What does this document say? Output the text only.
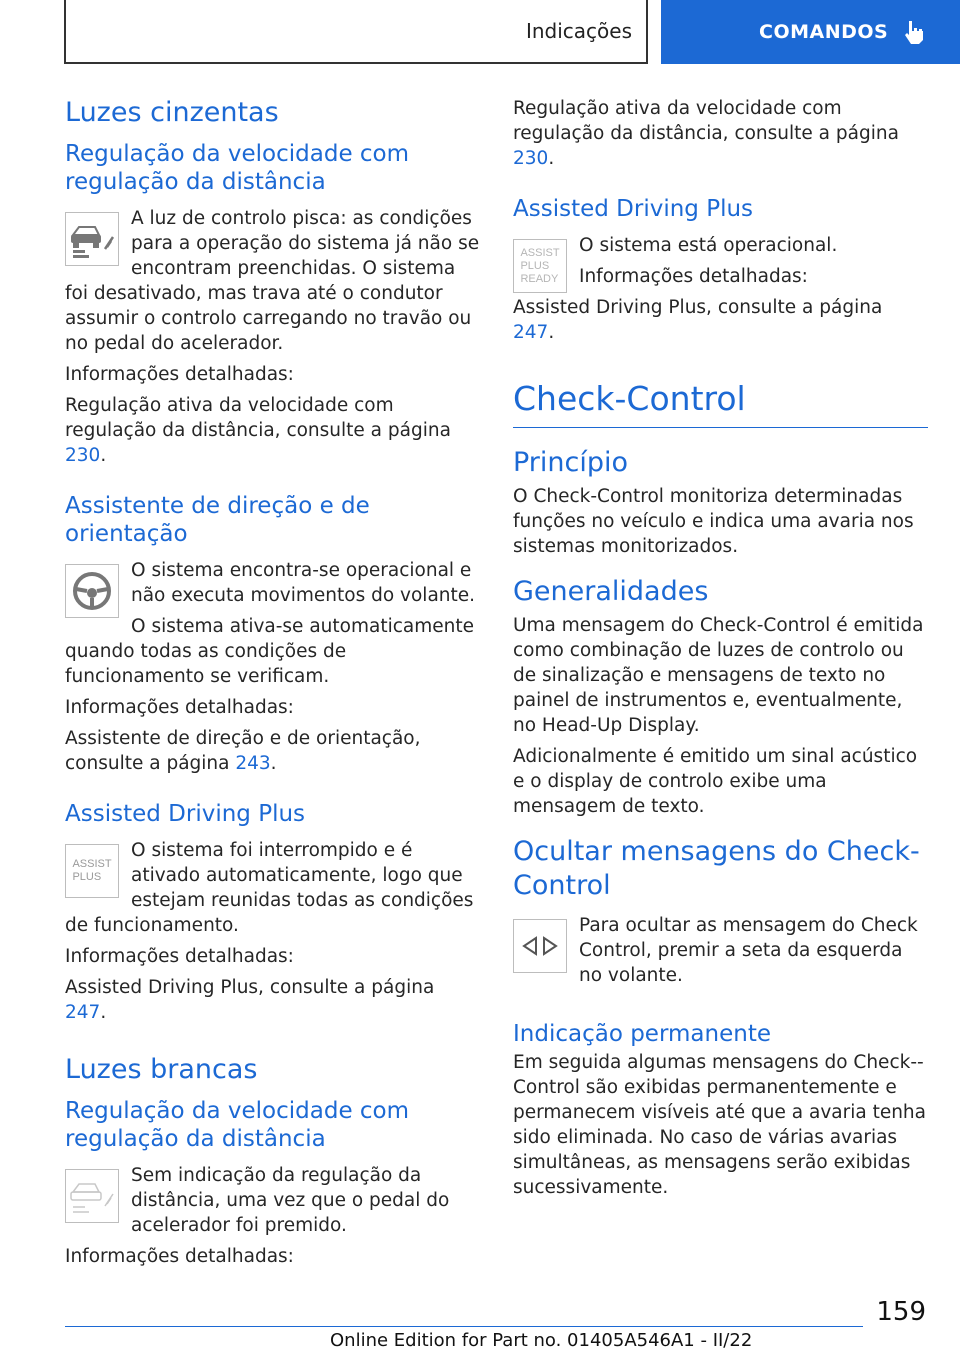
Indicações	COMANDOS
Luzes cinzentas
Regulação da velocidade com regulação da distância

A luz de controlo pisca: as condições para a operação do sistema já não se encontram preenchidas. O sistema foi desativado, mas trava até o condutor assumir o controlo carregando no travão ou no pedal do acelerador.

Informações detalhadas:

Regulação ativa da velocidade com regulação da distância, consulte a página 230.

Assistente de direção e de orientação

O sistema encontra-se operacional e não executa movimentos do volante.

O sistema ativa-se automaticamente quando todas as condições de funcionamento se verificam.

Informações detalhadas:

Assistente de direção e de orientação, consulte a página 243.

Assisted Driving Plus
ASSIST
PLUS

O sistema foi interrompido e é ativado automaticamente, logo que estejam reunidas todas as condições de funcionamento.

Informações detalhadas:

Assisted Driving Plus, consulte a página 247.

Luzes brancas
Regulação da velocidade com regulação da distância

Sem indicação da regulação da distância, uma vez que o pedal do acelerador foi premido.

Informações detalhadas:

Regulação ativa da velocidade com regulação da distância, consulte a página 230.

Assisted Driving Plus
ASSIST
PLUS
READY

O sistema está operacional.

Informações detalhadas:

Assisted Driving Plus, consulte a página 247.

Check-Control
Princípio

O Check-Control monitoriza determinadas funções no veículo e indica uma avaria nos sistemas monitorizados.

Generalidades

Uma mensagem do Check-Control é emitida como combinação de luzes de controlo ou de sinalização e mensagens de texto no painel de instrumentos e, eventualmente, no Head-Up Display.

Adicionalmente é emitido um sinal acústico e o display de controlo exibe uma mensagem de texto.

Ocultar mensagens do Check-Control

Para ocultar as mensagem do Check Control, premir a seta da esquerda no volante.

Indicação permanente

Em seguida algumas mensagens do Check--Control são exibidas permanentemente e permanecem visíveis até que a avaria tenha sido eliminada. No caso de várias avarias simultâneas, as mensagens serão exibidas sucessivamente.

159
Online Edition for Part no. 01405A546A1 - II/22
